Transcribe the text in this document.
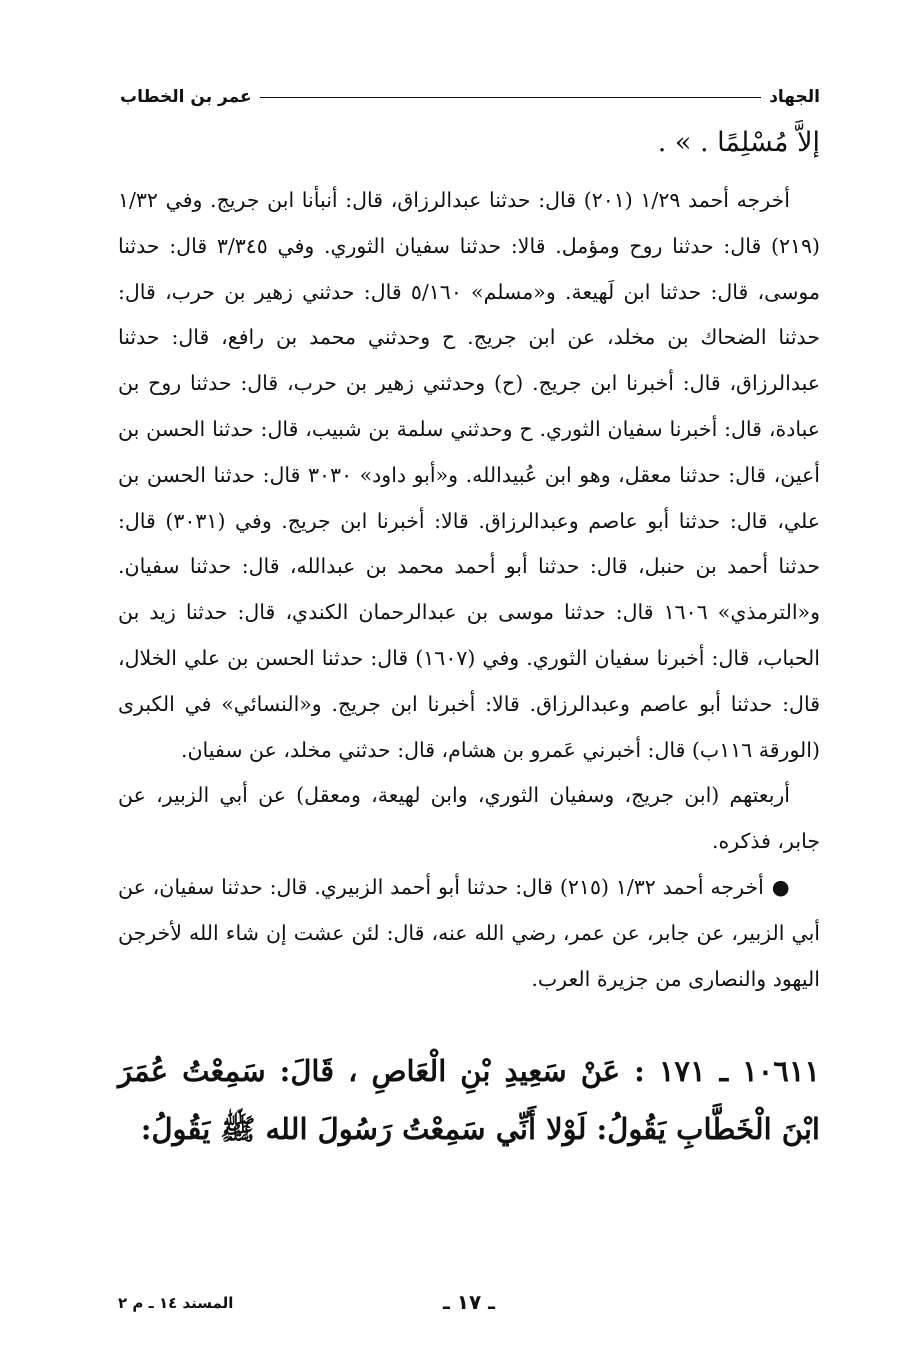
الجهاد
عمر بن الخطاب

إلاَّ مُسْلِمًا . » .

أخرجه أحمد ١/٢٩ (٢٠١) قال: حدثنا عبدالرزاق، قال: أنبأنا ابن جريج. وفي ١/٣٢ (٢١٩) قال: حدثنا روح ومؤمل. قالا: حدثنا سفيان الثوري. وفي ٣/٣٤٥ قال: حدثنا موسى، قال: حدثنا ابن لَهيعة. و«مسلم» ٥/١٦٠ قال: حدثني زهير بن حرب، قال: حدثنا الضحاك بن مخلد، عن ابن جريج. ح وحدثني محمد بن رافع، قال: حدثنا عبدالرزاق، قال: أخبرنا ابن جريج. (ح) وحدثني زهير بن حرب، قال: حدثنا روح بن عبادة، قال: أخبرنا سفيان الثوري. ح وحدثني سلمة بن شبيب، قال: حدثنا الحسن بن أعين، قال: حدثنا معقل، وهو ابن عُبيدالله. و«أبو داود» ٣٠٣٠ قال: حدثنا الحسن بن علي، قال: حدثنا أبو عاصم وعبدالرزاق. قالا: أخبرنا ابن جريج. وفي (٣٠٣١) قال: حدثنا أحمد بن حنبل، قال: حدثنا أبو أحمد محمد بن عبدالله، قال: حدثنا سفيان. و«الترمذي» ١٦٠٦ قال: حدثنا موسى بن عبدالرحمان الكندي، قال: حدثنا زيد بن الحباب، قال: أخبرنا سفيان الثوري. وفي (١٦٠٧) قال: حدثنا الحسن بن علي الخلال، قال: حدثنا أبو عاصم وعبدالرزاق. قالا: أخبرنا ابن جريج. و«النسائي» في الكبرى (الورقة ١١٦ب) قال: أخبرني عَمرو بن هشام، قال: حدثني مخلد، عن سفيان.

أربعتهم (ابن جريج، وسفيان الثوري، وابن لهيعة، ومعقل) عن أبي الزبير، عن جابر، فذكره.

●أخرجه أحمد ١/٣٢ (٢١٥) قال: حدثنا أبو أحمد الزبيري. قال: حدثنا سفيان، عن أبي الزبير، عن جابر، عن عمر، رضي الله عنه، قال: لئن عشت إن شاء الله لأخرجن اليهود والنصارى من جزيرة العرب.

١٠٦١١ ـ ١٧١ : عَنْ سَعِيدِ بْنِ الْعَاصِ ، قَالَ: سَمِعْتُ عُمَرَ ابْنَ الْخَطَّابِ يَقُولُ: لَوْلا أَنِّي سَمِعْتُ رَسُولَ الله ﷺ يَقُولُ:

ـ ١٧ ـ
المسند ١٤ ـ م ٢
